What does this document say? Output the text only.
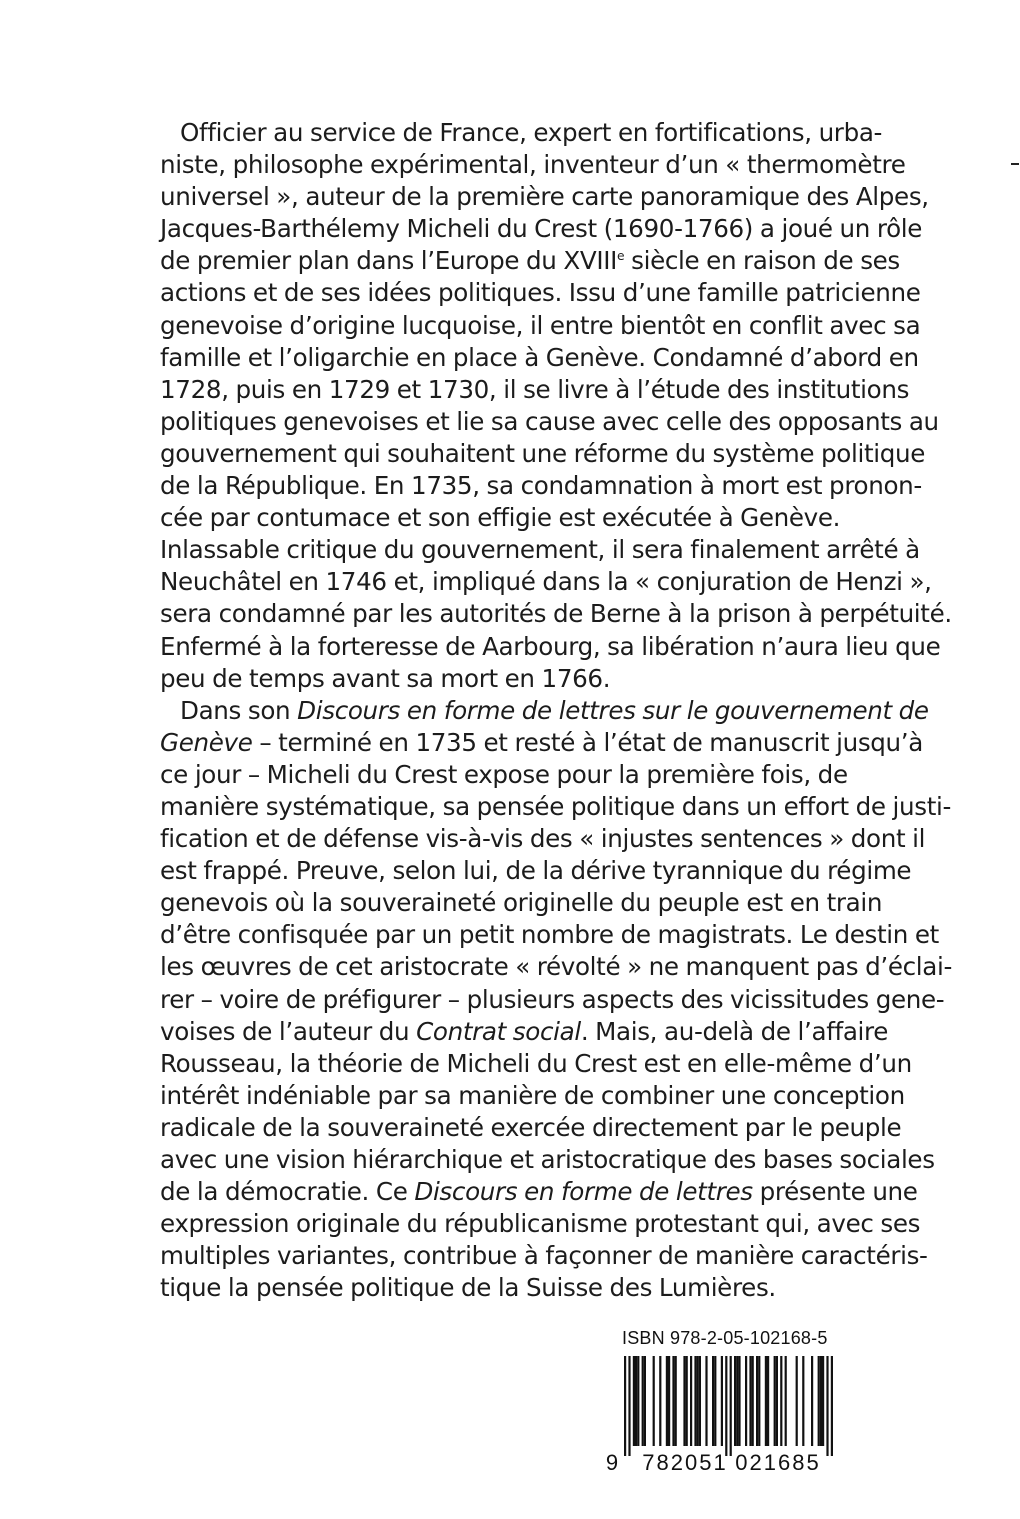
Officier au service de France, expert en fortifications, urba-
niste, philosophe expérimental, inventeur d’un « thermomètre
universel », auteur de la première carte panoramique des Alpes,
Jacques-Barthélemy Micheli du Crest (1690-1766) a joué un rôle
de premier plan dans l’Europe du XVIIIe siècle en raison de ses
actions et de ses idées politiques. Issu d’une famille patricienne
genevoise d’origine lucquoise, il entre bientôt en conflit avec sa
famille et l’oligarchie en place à Genève. Condamné d’abord en
1728, puis en 1729 et 1730, il se livre à l’étude des institutions
politiques genevoises et lie sa cause avec celle des opposants au
gouvernement qui souhaitent une réforme du système politique
de la République. En 1735, sa condamnation à mort est pronon-
cée par contumace et son effigie est exécutée à Genève.
Inlassable critique du gouvernement, il sera finalement arrêté à
Neuchâtel en 1746 et, impliqué dans la « conjuration de Henzi »,
sera condamné par les autorités de Berne à la prison à perpétuité.
Enfermé à la forteresse de Aarbourg, sa libération n’aura lieu que
peu de temps avant sa mort en 1766.

Dans son Discours en forme de lettres sur le gouvernement de
Genève – terminé en 1735 et resté à l’état de manuscrit jusqu’à
ce jour – Micheli du Crest expose pour la première fois, de
manière systématique, sa pensée politique dans un effort de justi-
fication et de défense vis-à-vis des « injustes sentences » dont il
est frappé. Preuve, selon lui, de la dérive tyrannique du régime
genevois où la souveraineté originelle du peuple est en train
d’être confisquée par un petit nombre de magistrats. Le destin et
les œuvres de cet aristocrate « révolté » ne manquent pas d’éclai-
rer – voire de préfigurer – plusieurs aspects des vicissitudes gene-
voises de l’auteur du Contrat social. Mais, au-delà de l’affaire
Rousseau, la théorie de Micheli du Crest est en elle-même d’un
intérêt indéniable par sa manière de combiner une conception
radicale de la souveraineté exercée directement par le peuple
avec une vision hiérarchique et aristocratique des bases sociales
de la démocratie. Ce Discours en forme de lettres présente une
expression originale du républicanisme protestant qui, avec ses
multiples variantes, contribue à façonner de manière caractéris-
tique la pensée politique de la Suisse des Lumières.

ISBN 978-2-05-102168-5
9 782051 021685
